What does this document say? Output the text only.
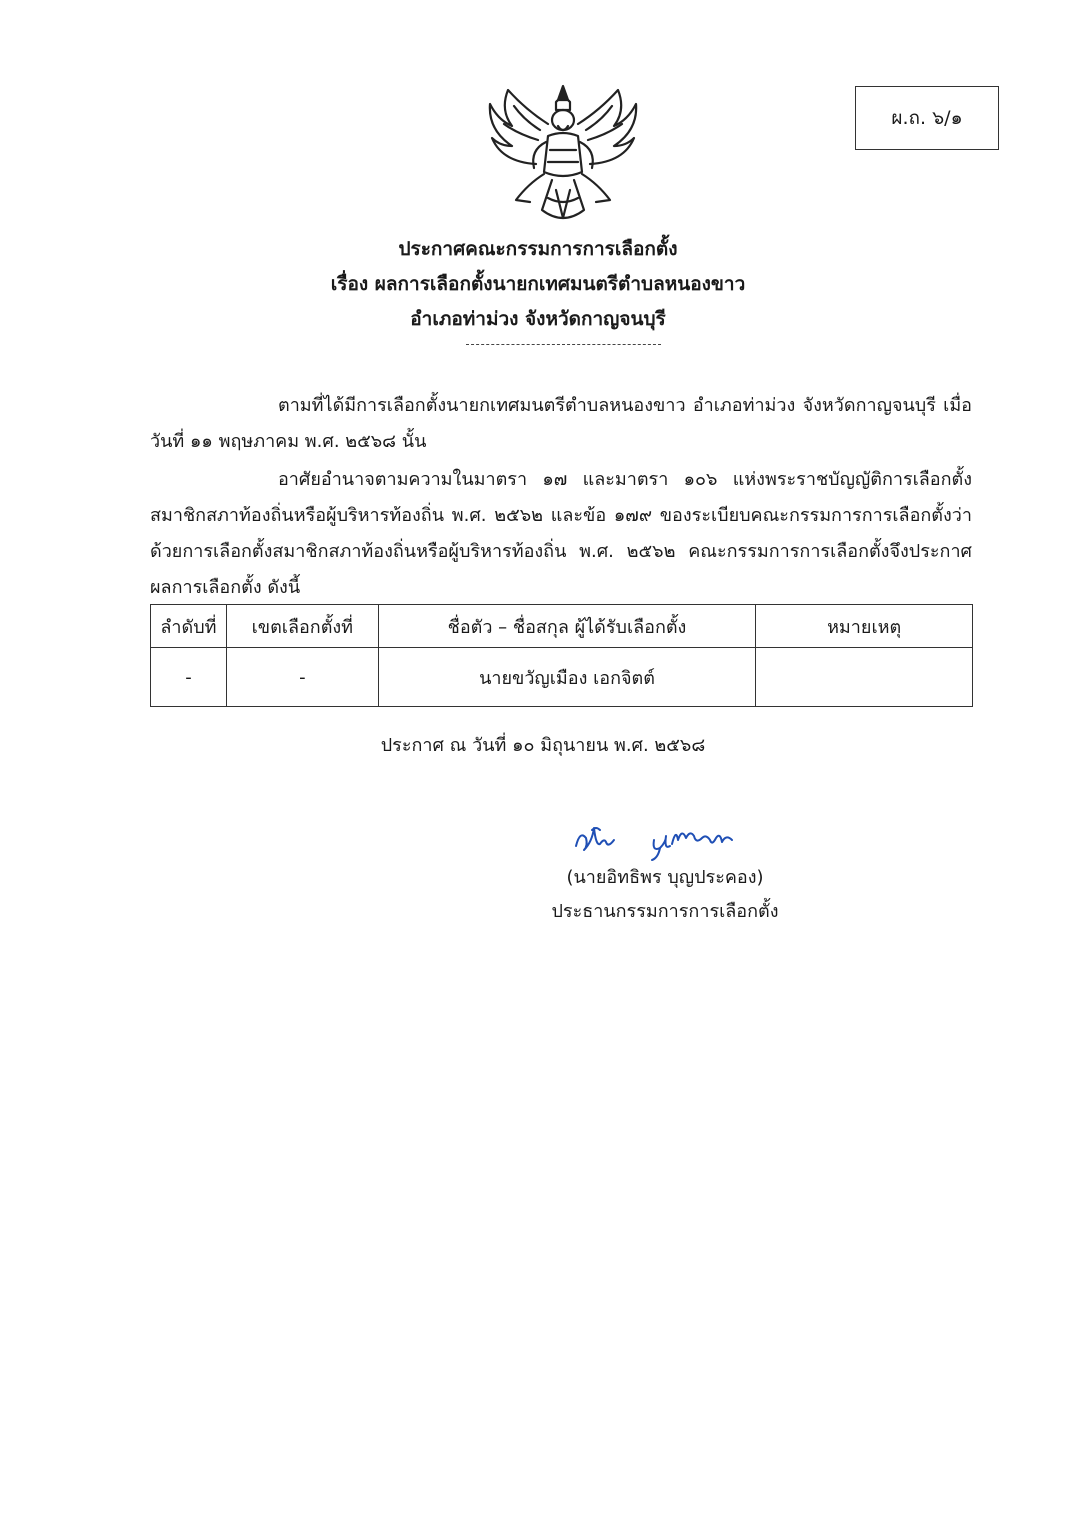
ผ.ถ. ๖/๑
ประกาศคณะกรรมการการเลือกตั้ง
เรื่อง ผลการเลือกตั้งนายกเทศมนตรีตำบลหนองขาว
อำเภอท่าม่วง จังหวัดกาญจนบุรี
ตามที่ได้มีการเลือกตั้งนายกเทศมนตรีตำบลหนองขาว อำเภอท่าม่วง จังหวัดกาญจนบุรี เมื่อวันที่ ๑๑ พฤษภาคม พ.ศ. ๒๕๖๘ นั้น
อาศัยอำนาจตามความในมาตรา ๑๗ และมาตรา ๑๐๖ แห่งพระราชบัญญัติการเลือกตั้งสมาชิกสภาท้องถิ่นหรือผู้บริหารท้องถิ่น พ.ศ. ๒๕๖๒ และข้อ ๑๗๙ ของระเบียบคณะกรรมการการเลือกตั้งว่าด้วยการเลือกตั้งสมาชิกสภาท้องถิ่นหรือผู้บริหารท้องถิ่น พ.ศ. ๒๕๖๒ คณะกรรมการการเลือกตั้งจึงประกาศผลการเลือกตั้ง ดังนี้
ลำดับที่	เขตเลือกตั้งที่	ชื่อตัว – ชื่อสกุล ผู้ได้รับเลือกตั้ง	หมายเหตุ
-	-	นายขวัญเมือง เอกจิตต์	
ประกาศ ณ วันที่ ๑๐ มิถุนายน พ.ศ. ๒๕๖๘
(นายอิทธิพร บุญประคอง)
ประธานกรรมการการเลือกตั้ง
